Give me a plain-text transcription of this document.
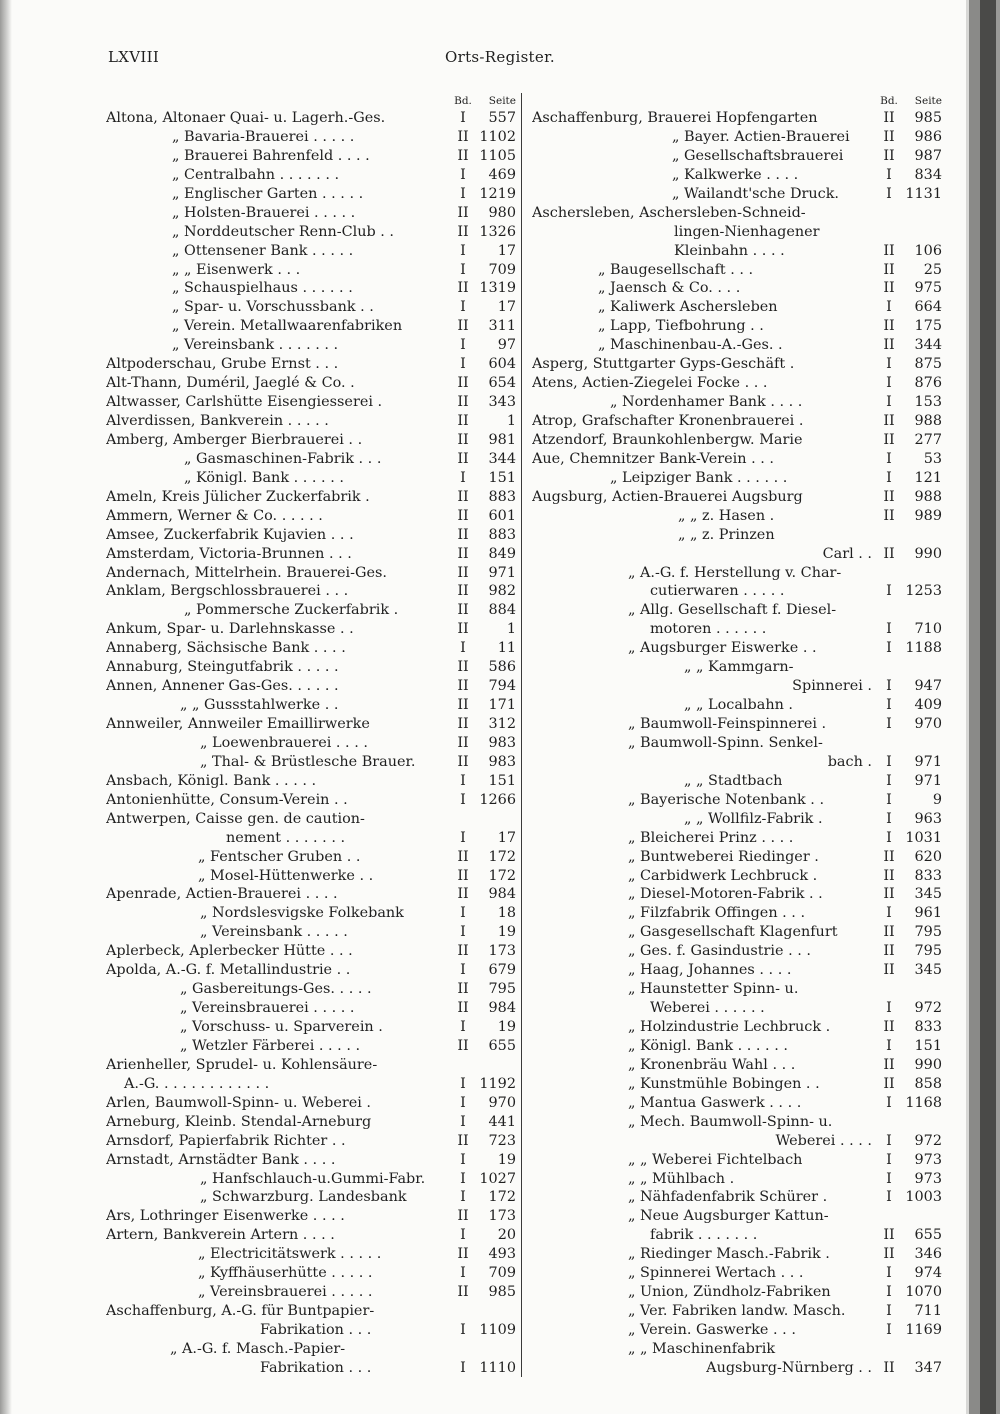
LXVIII	Orts-Register.
Bd.	Seite
Altona, Altonaer Quai- u. Lagerh.-Ges.	I	557
„ Bavaria-Brauerei . . . . .	II 1102
„ Brauerei Bahrenfeld . . . .	II 1105
„ Centralbahn . . . . . . .	I	469
„ Englischer Garten . . . . .	I 1219
„ Holsten-Brauerei . . . . .	II	980
„ Norddeutscher Renn-Club . .	II 1326
„ Ottensener Bank . . . . .	I	17
„ „ Eisenwerk . . .	I	709
„ Schauspielhaus . . . . . .	II 1319
„ Spar- u. Vorschussbank . .	I	17
„ Verein. Metallwaarenfabriken	II	311
„ Vereinsbank . . . . . . .	I	97
Altpoderschau, Grube Ernst . . .	I	604
Alt-Thann, Duméril, Jaeglé & Co. .	II	654
Altwasser, Carlshütte Eisengiesserei .	II	343
Alverdissen, Bankverein . . . . .	II	1
Amberg, Amberger Bierbrauerei . .	II	981
„ Gasmaschinen-Fabrik . . .	II	344
„ Königl. Bank . . . . . .	I	151
Ameln, Kreis Jülicher Zuckerfabrik .	II	883
Ammern, Werner & Co. . . . . .	II	601
Amsee, Zuckerfabrik Kujavien . . .	II	883
Amsterdam, Victoria-Brunnen . . .	II	849
Andernach, Mittelrhein. Brauerei-Ges.	II	971
Anklam, Bergschlossbrauerei . . .	II	982
„ Pommersche Zuckerfabrik .	II	884
Ankum, Spar- u. Darlehnskasse . .	II	1
Annaberg, Sächsische Bank . . . .	I	11
Annaburg, Steingutfabrik . . . . .	II	586
Annen, Annener Gas-Ges. . . . . .	II	794
„ „ Gussstahlwerke . .	II	171
Annweiler, Annweiler Emaillirwerke	II	312
„ Loewenbrauerei . . . .	II	983
„ Thal- & Brüstlesche Brauer.	II	983
Ansbach, Königl. Bank . . . . .	I	151
Antonienhütte, Consum-Verein . .	I 1266
Antwerpen, Caisse gen. de caution-
nement . . . . . . .	I	17
„ Fentscher Gruben . .	II	172
„ Mosel-Hüttenwerke . .	II	172
Apenrade, Actien-Brauerei . . . .	II	984
„ Nordslesvigske Folkebank	I	18
„ Vereinsbank . . . . .	I	19
Aplerbeck, Aplerbecker Hütte . . .	II	173
Apolda, A.-G. f. Metallindustrie . .	I	679
„ Gasbereitungs-Ges. . . . .	II	795
„ Vereinsbrauerei . . . . .	II	984
„ Vorschuss- u. Sparverein .	I	19
„ Wetzler Färberei . . . . .	II	655
Arienheller, Sprudel- u. Kohlensäure-
A.-G. . . . . . . . . . . . .	I 1192
Arlen, Baumwoll-Spinn- u. Weberei .	I	970
Arneburg, Kleinb. Stendal-Arneburg	I	441
Arnsdorf, Papierfabrik Richter . .	II	723
Arnstadt, Arnstädter Bank . . . .	I	19
„ Hanfschlauch-u.Gummi-Fabr.	I 1027
„ Schwarzburg. Landesbank	I	172
Ars, Lothringer Eisenwerke . . . .	II	173
Artern, Bankverein Artern . . . .	I	20
„ Electricitätswerk . . . . .	II	493
„ Kyffhäuserhütte . . . . .	I	709
„ Vereinsbrauerei . . . . .	II	985
Aschaffenburg, A.-G. für Buntpapier-
Fabrikation . . .	I 1109
„ A.-G. f. Masch.-Papier-
Fabrikation . . .	I 1110
Bd.	Seite
Aschaffenburg, Brauerei Hopfengarten	II	985
„ Bayer. Actien-Brauerei	II	986
„ Gesellschaftsbrauerei	II	987
„ Kalkwerke . . . .	I	834
„ Wailandt'sche Druck.	I 1131
Aschersleben, Aschersleben-Schneid-
lingen-Nienhagener
Kleinbahn . . . .	II	106
„ Baugesellschaft . . .	II	25
„ Jaensch & Co. . . .	II	975
„ Kaliwerk Aschersleben	I	664
„ Lapp, Tiefbohrung . .	II	175
„ Maschinenbau-A.-Ges. .	II	344
Asperg, Stuttgarter Gyps-Geschäft .	I	875
Atens, Actien-Ziegelei Focke . . .	I	876
„ Nordenhamer Bank . . . .	I	153
Atrop, Grafschafter Kronenbrauerei .	II	988
Atzendorf, Braunkohlenbergw. Marie	II	277
Aue, Chemnitzer Bank-Verein . . .	I	53
„ Leipziger Bank . . . . . .	I	121
Augsburg, Actien-Brauerei Augsburg	II	988
„ „ z. Hasen .	II	989
„ „ z. Prinzen
Carl . . II	990
„ A.-G. f. Herstellung v. Char-
cutierwaren . . . . .	I 1253
„ Allg. Gesellschaft f. Diesel-
motoren . . . . . .	I	710
„ Augsburger Eiswerke . .	I 1188
„ „ Kammgarn-
Spinnerei . I	947
„ „ Localbahn .	I	409
„ Baumwoll-Feinspinnerei .	I	970
„ Baumwoll-Spinn. Senkel-
bach . I	971
„ „ Stadtbach	I	971
„ Bayerische Notenbank . .	I	9
„ „ Wollfilz-Fabrik .	I	963
„ Bleicherei Prinz . . . .	I 1031
„ Buntweberei Riedinger .	II	620
„ Carbidwerk Lechbruck .	II	833
„ Diesel-Motoren-Fabrik . .	II	345
„ Filzfabrik Offingen . . .	I	961
„ Gasgesellschaft Klagenfurt	II	795
„ Ges. f. Gasindustrie . . .	II	795
„ Haag, Johannes . . . .	II	345
„ Haunstetter Spinn- u.
Weberei . . . . . .	I	972
„ Holzindustrie Lechbruck .	II	833
„ Königl. Bank . . . . . .	I	151
„ Kronenbräu Wahl . . .	II	990
„ Kunstmühle Bobingen . .	II	858
„ Mantua Gaswerk . . . .	I 1168
„ Mech. Baumwoll-Spinn- u.
Weberei . . . . I	972
„ „ Weberei Fichtelbach	I	973
„ „ Mühlbach .	I	973
„ Nähfadenfabrik Schürer .	I 1003
„ Neue Augsburger Kattun-
fabrik . . . . . . .	II	655
„ Riedinger Masch.-Fabrik .	II	346
„ Spinnerei Wertach . . .	I	974
„ Union, Zündholz-Fabriken	I 1070
„ Ver. Fabriken landw. Masch.	I	711
„ Verein. Gaswerke . . .	I 1169
„ „ Maschinenfabrik
Augsburg-Nürnberg . . II	347
